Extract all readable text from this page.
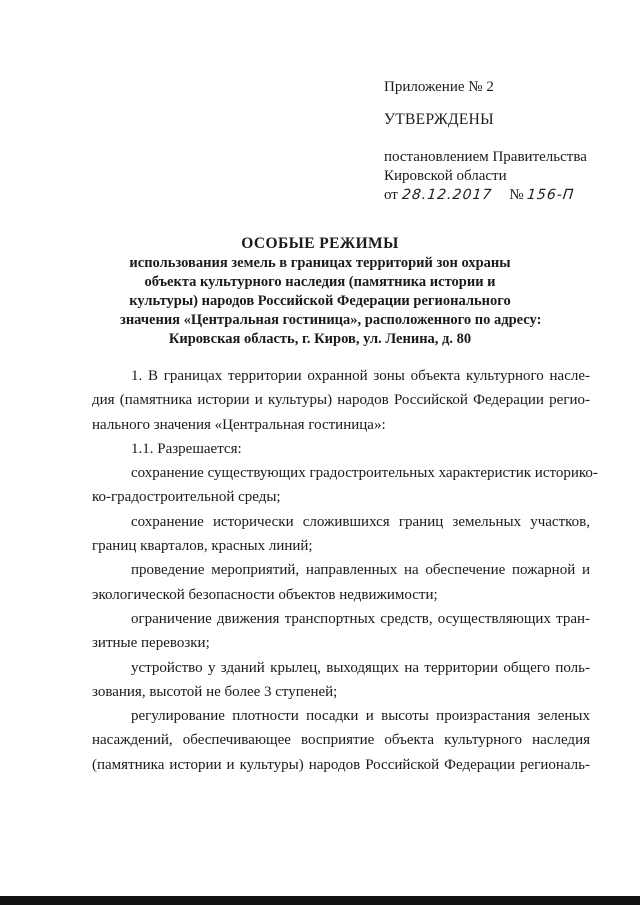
Приложение № 2
УТВЕРЖДЕНЫ
постановлением Правительства
Кировской области
от 28.12.2017 № 156-П
ОСОБЫЕ РЕЖИМЫ
использования земель в границах территорий зон охраны
объекта культурного наследия (памятника истории и
культуры) народов Российской Федерации регионального
значения «Центральная гостиница», расположенного по адресу:
Кировская область, г. Киров, ул. Ленина, д. 80
1. В границах территории охранной зоны объекта культурного насле-
дия (памятника истории и культуры) народов Российской Федерации регио-
нального значения «Центральная гостиница»:
1.1. Разрешается:
сохранение существующих градостроительных характеристик историко-
ко-градостроительной среды;
сохранение исторически сложившихся границ земельных участков,
границ кварталов, красных линий;
проведение мероприятий, направленных на обеспечение пожарной и
экологической безопасности объектов недвижимости;
ограничение движения транспортных средств, осуществляющих тран-
зитные перевозки;
устройство у зданий крылец, выходящих на территории общего поль-
зования, высотой не более 3 ступеней;
регулирование плотности посадки и высоты произрастания зеленых
насаждений, обеспечивающее восприятие объекта культурного наследия
(памятника истории и культуры) народов Российской Федерации региональ-
